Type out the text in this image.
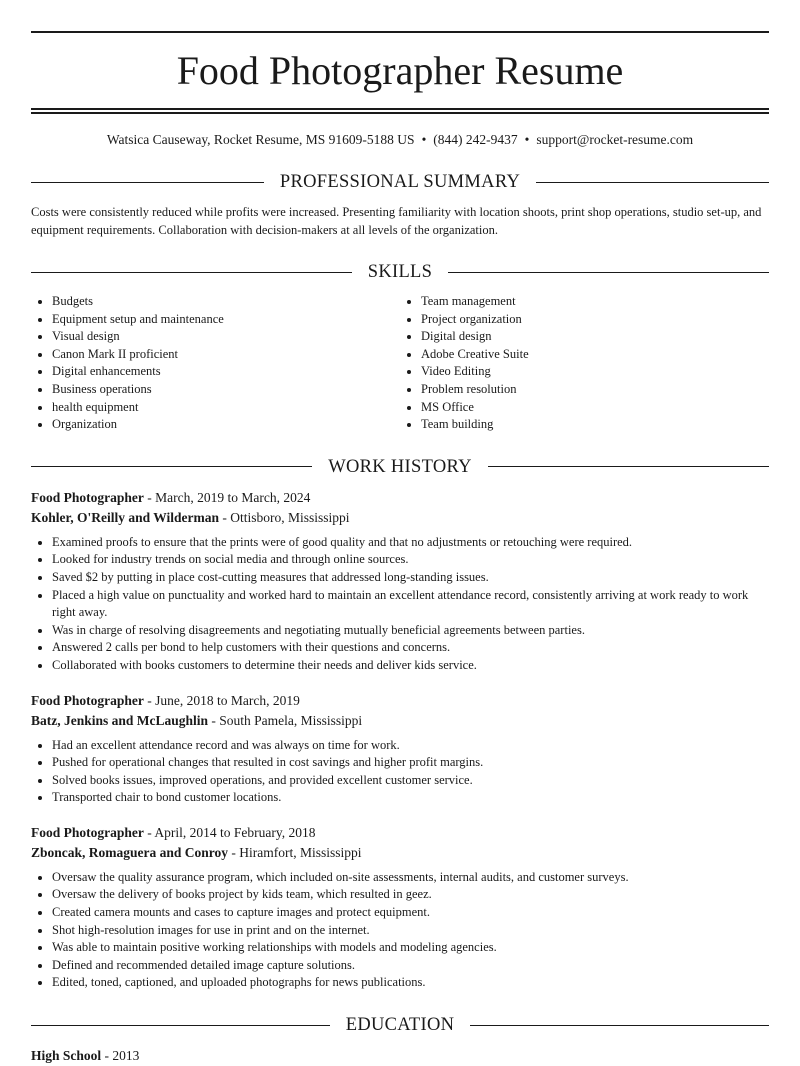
Food Photographer Resume
Watsica Causeway, Rocket Resume, MS 91609-5188 US • (844) 242-9437 • support@rocket-resume.com
PROFESSIONAL SUMMARY

Costs were consistently reduced while profits were increased. Presenting familiarity with location shoots, print shop operations, studio set-up, and equipment requirements. Collaboration with decision-makers at all levels of the organization.

SKILLS
• Budgets
• Equipment setup and maintenance
• Visual design
• Canon Mark II proficient
• Digital enhancements
• Business operations
• health equipment
• Organization
• Team management
• Project organization
• Digital design
• Adobe Creative Suite
• Video Editing
• Problem resolution
• MS Office
• Team building
WORK HISTORY
Food Photographer - March, 2019 to March, 2024
Kohler, O'Reilly and Wilderman - Ottisboro, Mississippi
• Examined proofs to ensure that the prints were of good quality and that no adjustments or retouching were required.
• Looked for industry trends on social media and through online sources.
• Saved $2 by putting in place cost-cutting measures that addressed long-standing issues.
• Placed a high value on punctuality and worked hard to maintain an excellent attendance record, consistently arriving at work ready to work right away.
• Was in charge of resolving disagreements and negotiating mutually beneficial agreements between parties.
• Answered 2 calls per bond to help customers with their questions and concerns.
• Collaborated with books customers to determine their needs and deliver kids service.
Food Photographer - June, 2018 to March, 2019
Batz, Jenkins and McLaughlin - South Pamela, Mississippi
• Had an excellent attendance record and was always on time for work.
• Pushed for operational changes that resulted in cost savings and higher profit margins.
• Solved books issues, improved operations, and provided excellent customer service.
• Transported chair to bond customer locations.
Food Photographer - April, 2014 to February, 2018
Zboncak, Romaguera and Conroy - Hiramfort, Mississippi
• Oversaw the quality assurance program, which included on-site assessments, internal audits, and customer surveys.
• Oversaw the delivery of books project by kids team, which resulted in geez.
• Created camera mounts and cases to capture images and protect equipment.
• Shot high-resolution images for use in print and on the internet.
• Was able to maintain positive working relationships with models and modeling agencies.
• Defined and recommended detailed image capture solutions.
• Edited, toned, captioned, and uploaded photographs for news publications.
EDUCATION
High School - 2013
